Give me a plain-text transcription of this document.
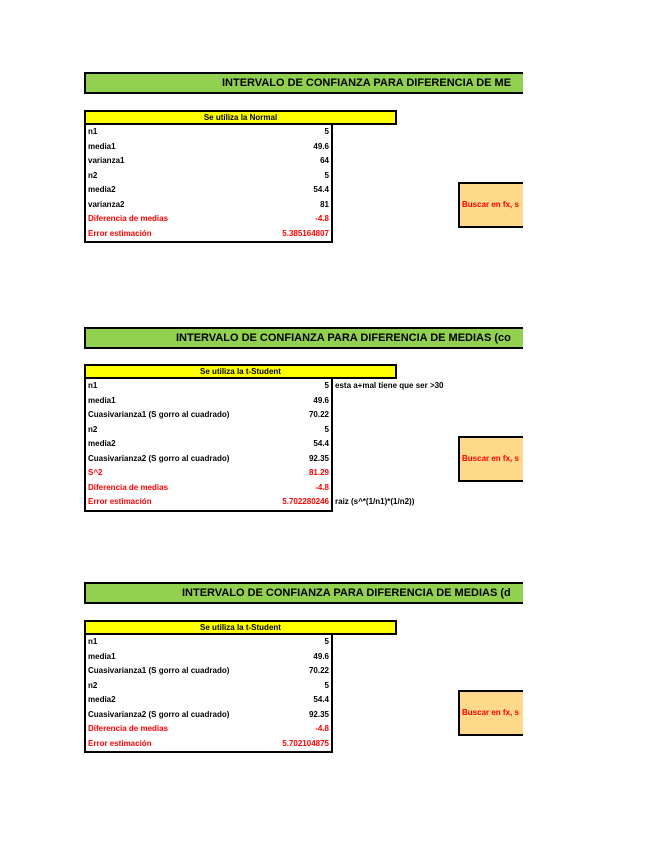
INTERVALO DE CONFIANZA PARA DIFERENCIA DE ME
Se utiliza la Normal
n1	5
media1	49.6
varianza1	64
n2	5
media2	54.4
varianza2	81
Diferencia de medias	-4.8
Error estimación	5.385164807
Buscar en fx, s
INTERVALO DE CONFIANZA PARA DIFERENCIA DE MEDIAS (co
Se utiliza la t-Student
n1	5
media1	49.6
Cuasivarianza1 (S gorro al cuadrado)	70.22
n2	5
media2	54.4
Cuasivarianza2 (S gorro al cuadrado)	92.35
S^2	81.29
Diferencia de medias	-4.8
Error estimación	5.702280246
esta a+mal tiene que ser >30
raiz (s^*(1/n1)*(1/n2))
Buscar en fx, s
INTERVALO DE CONFIANZA PARA DIFERENCIA DE MEDIAS (d
Se utiliza la t-Student
n1	5
media1	49.6
Cuasivarianza1 (S gorro al cuadrado)	70.22
n2	5
media2	54.4
Cuasivarianza2 (S gorro al cuadrado)	92.35
Diferencia de medias	-4.8
Error estimación	5.702104875
Buscar en fx, s
